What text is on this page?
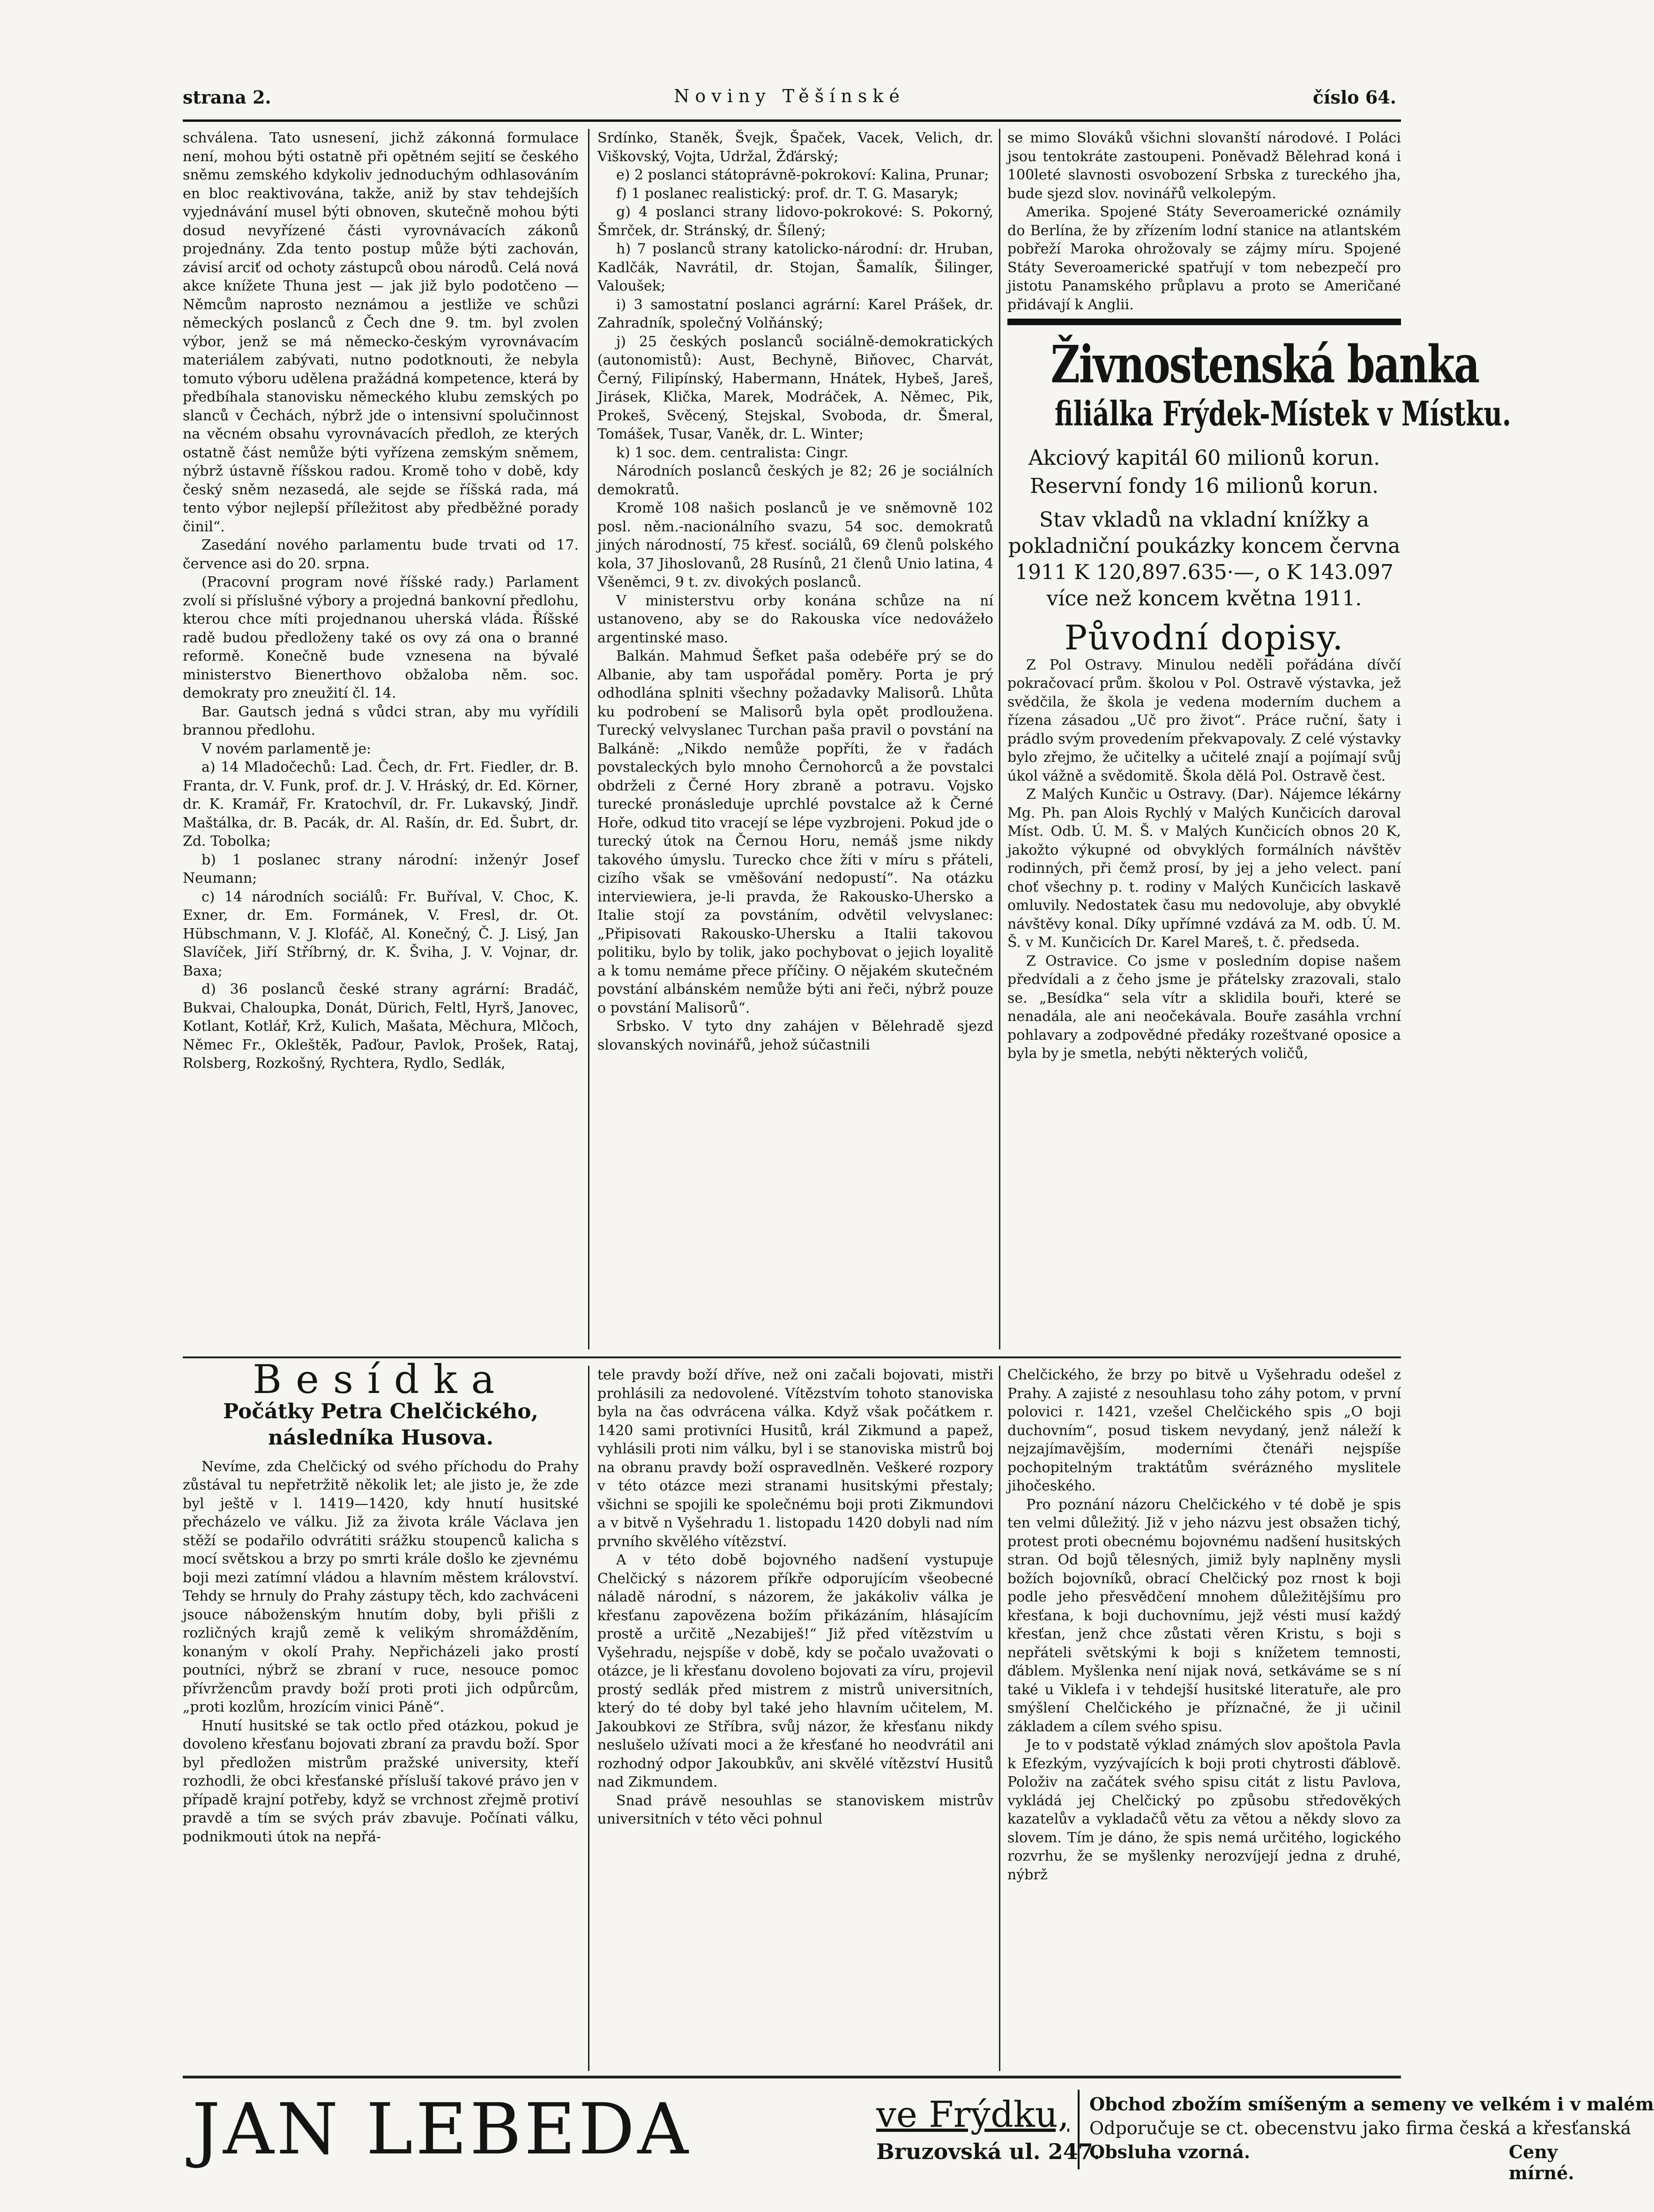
strana 2.	Noviny Těšínské	číslo 64.

schválena. Tato usnesení, jichž zákonná formulace není, mohou býti ostatně při opětném sejití se českého sněmu zemského kdykoliv jednoduchým odhlasováním en bloc reaktivována, takže, aniž by stav tehdejších vyjednávání musel býti obnoven, skutečně mohou býti dosud nevyřízené části vyrovnávacích zákonů projednány. Zda tento postup může býti zachován, závisí arciť od ochoty zástupců obou národů. Celá nová akce knížete Thuna jest — jak již bylo podotčeno — Němcům naprosto neznámou a jestliže ve schůzi německých poslanců z Čech dne 9. tm. byl zvolen výbor, jenž se má německo-českým vyrovnávacím materiálem zabývati, nutno podotknouti, že nebyla tomuto výboru udělena pražádná kompetence, která by předbíhala stanovisku německého klubu zemských po slanců v Čechách, nýbrž jde o intensivní spolučinnost na věcném obsahu vyrovnávacích předloh, ze kterých ostatně část nemůže býti vyřízena zemským sněmem, nýbrž ústavně říšskou radou. Kromě toho v době, kdy český sněm nezasedá, ale sejde se říšská rada, má tento výbor nejlepší příležitost aby předběžné porady činil“.

Zasedání nového parlamentu bude trvati od 17. července asi do 20. srpna.

(Pracovní program nové říšské rady.) Parlament zvolí si příslušné výbory a projedná bankovní předlohu, kterou chce míti projednanou uherská vláda. Říšské radě budou předloženy také os ovy zá ona o branné reformě. Konečně bude vznesena na bývalé ministerstvo Bienerthovo obžaloba něm. soc. demokraty pro zneužití čl. 14.

Bar. Gautsch jedná s vůdci stran, aby mu vyřídili brannou předlohu.

V novém parlamentě je:

a) 14 Mladočechů: Lad. Čech, dr. Frt. Fiedler, dr. B. Franta, dr. V. Funk, prof. dr. J. V. Hráský, dr. Ed. Körner, dr. K. Kramář, Fr. Kratochvíl, dr. Fr. Lukavský, Jindř. Maštálka, dr. B. Pacák, dr. Al. Rašín, dr. Ed. Šubrt, dr. Zd. Tobolka;

b) 1 poslanec strany národní: inženýr Josef Neumann;

c) 14 národních sociálů: Fr. Buříval, V. Choc, K. Exner, dr. Em. Formánek, V. Fresl, dr. Ot. Hübschmann, V. J. Klofáč, Al. Konečný, Č. J. Lisý, Jan Slavíček, Jiří Stříbrný, dr. K. Šviha, J. V. Vojnar, dr. Baxa;

d) 36 poslanců české strany agrární: Bradáč, Bukvai, Chaloupka, Donát, Dürich, Feltl, Hyrš, Janovec, Kotlant, Kotlář, Krž, Kulich, Mašata, Měchura, Mlčoch, Němec Fr., Okleštěk, Paďour, Pavlok, Prošek, Rataj, Rolsberg, Rozkošný, Rychtera, Rydlo, Sedlák,

Srdínko, Staněk, Švejk, Špaček, Vacek, Velich, dr. Viškovský, Vojta, Udržal, Žďárský;

e) 2 poslanci státoprávně-pokrokoví: Kalina, Prunar;

f) 1 poslanec realistický: prof. dr. T. G. Masaryk;

g) 4 poslanci strany lidovo-pokrokové: S. Pokorný, Šmrček, dr. Stránský, dr. Šílený;

h) 7 poslanců strany katolicko-národní: dr. Hruban, Kadlčák, Navrátil, dr. Stojan, Šamalík, Šilinger, Valoušek;

i) 3 samostatní poslanci agrární: Karel Prášek, dr. Zahradník, společný Volňánský;

j) 25 českých poslanců sociálně-demokratických (autonomistů): Aust, Bechyně, Biňovec, Charvát, Černý, Filipínský, Habermann, Hnátek, Hybeš, Jareš, Jirásek, Klička, Marek, Modráček, A. Němec, Pik, Prokeš, Svěcený, Stejskal, Svoboda, dr. Šmeral, Tomášek, Tusar, Vaněk, dr. L. Winter;

k) 1 soc. dem. centralista: Cingr.

Národních poslanců českých je 82; 26 je sociálních demokratů.

Kromě 108 našich poslanců je ve sněmovně 102 posl. něm.-nacionálního svazu, 54 soc. demokratů jiných národností, 75 křesť. sociálů, 69 členů polského kola, 37 Jihoslovanů, 28 Rusínů, 21 členů Unio latina, 4 Všeněmci, 9 t. zv. divokých poslanců.

V ministerstvu orby konána schůze na ní ustanoveno, aby se do Rakouska více nedovážeło argentinské maso.

Balkán. Mahmud Šefket paša odebéře prý se do Albanie, aby tam uspořádal poměry. Porta je prý odhodlána splniti všechny požadavky Malisorů. Lhůta ku podrobení se Malisorů byla opět prodloužena. Turecký velvyslanec Turchan paša pravil o povstání na Balkáně: „Nikdo nemůže popříti, že v řadách povstaleckých bylo mnoho Černohorců a že povstalci obdrželi z Černé Hory zbraně a potravu. Vojsko turecké pronásleduje uprchlé povstalce až k Černé Hoře, odkud tito vracejí se lépe vyzbrojeni. Pokud jde o turecký útok na Černou Horu, nemáš jsme nikdy takového úmyslu. Turecko chce žíti v míru s přáteli, cizího však se vměšování nedopustí“. Na otázku interviewiera, je-li pravda, že Rakousko-Uhersko a Italie stojí za povstáním, odvětil velvyslanec: „Připisovati Rakousko-Uhersku a Italii takovou politiku, bylo by tolik, jako pochybovat o jejich loyalitě a k tomu nemáme přece příčiny. O nějakém skutečném povstání albánském nemůže býti ani řeči, nýbrž pouze o povstání Malisorů“.

Srbsko. V tyto dny zahájen v Bělehradě sjezd slovanských novinářů, jehož súčastnili

se mimo Slováků všichni slovanští národové. I Poláci jsou tentokráte zastoupeni. Poněvadž Bělehrad koná i 100leté slavnosti osvobození Srbska z tureckého jha, bude sjezd slov. novinářů velkolepým.

Amerika. Spojené Státy Severoamerické oznámily do Berlína, že by zřízením lodní stanice na atlantském pobřeží Maroka ohrožovaly se zájmy míru. Spojené Státy Severoamerické spatřují v tom nebezpečí pro jistotu Panamského průplavu a proto se Američané přidávají k Anglii.

Živnostenská banka
filiálka Frýdek-Místek v Místku.
Akciový kapitál 60 milionů korun.
Reservní fondy 16 milionů korun.
Stav vkladů na vkladní knížky a pokladniční poukázky koncem června 1911 K 120,897.635·—, o K 143.097 více než koncem května 1911.
Původní dopisy.

Z Pol Ostravy. Minulou neděli pořádána dívčí pokračovací prům. školou v Pol. Ostravě výstavka, jež svědčila, že škola je vedena moderním duchem a řízena zásadou „Uč pro život“. Práce ruční, šaty i prádlo svým provedením překvapovaly. Z celé výstavky bylo zřejmo, že učitelky a učitelé znají a pojímají svůj úkol vážně a svědomitě. Škola dělá Pol. Ostravě čest.

Z Malých Kunčic u Ostravy. (Dar). Nájemce lékárny Mg. Ph. pan Alois Rychlý v Malých Kunčicích daroval Míst. Odb. Ú. M. Š. v Malých Kunčicích obnos 20 K, jakožto výkupné od obvyklých formálních návštěv rodinných, při čemž prosí, by jej a jeho velect. paní choť všechny p. t. rodiny v Malých Kunčicích laskavě omluvily. Nedostatek času mu nedovoluje, aby obvyklé návštěvy konal. Díky upřímné vzdává za M. odb. Ú. M. Š. v M. Kunčicích Dr. Karel Mareš, t. č. předseda.

Z Ostravice. Co jsme v posledním dopise našem předvídali a z čeho jsme je přátelsky zrazovali, stalo se. „Besídka“ sela vítr a sklidila bouři, které se nenadála, ale ani neočekávala. Bouře zasáhla vrchní pohlavary a zodpovědné předáky rozeštvané oposice a byla by je smetla, nebýti některých voličů,

Besídka
Počátky Petra Chelčického, následníka Husova.

Nevíme, zda Chelčický od svého příchodu do Prahy zůstával tu nepřetržitě několik let; ale jisto je, že zde byl ještě v l. 1419—1420, kdy hnutí husitské přecházelo ve válku. Již za života krále Václava jen stěží se podařilo odvrátiti srážku stoupenců kalicha s mocí světskou a brzy po smrti krále došlo ke zjevnému boji mezi zatímní vládou a hlavním městem království. Tehdy se hrnuly do Prahy zástupy těch, kdo zachváceni jsouce náboženským hnutím doby, byli přišli z rozličných krajů země k velikým shromážděním, konaným v okolí Prahy. Nepřicházeli jako prostí poutníci, nýbrž se zbraní v ruce, nesouce pomoc přívržencům pravdy boží proti proti jich odpůrcům, „proti kozlům, hrozícím vinici Páně“.

Hnutí husitské se tak octlo před otázkou, pokud je dovoleno křesťanu bojovati zbraní za pravdu boží. Spor byl předložen mistrům pražské university, kteří rozhodli, že obci křesťanské přísluší takové právo jen v případě krajní potřeby, když se vrchnost zřejmě protiví pravdě a tím se svých práv zbavuje. Počínati válku, podnikmouti útok na nepřá-

tele pravdy boží dříve, než oni začali bojovati, mistři prohlásili za nedovolené. Vítězstvím tohoto stanoviska byla na čas odvrácena válka. Když však počátkem r. 1420 sami protivníci Husitů, král Zikmund a papež, vyhlásili proti nim válku, byl i se stanoviska mistrů boj na obranu pravdy boží ospravedlněn. Veškeré rozpory v této otázce mezi stranami husitskými přestaly; všichni se spojili ke společnému boji proti Zikmundovi a v bitvě n Vyšehradu 1. listopadu 1420 dobyli nad ním prvního skvělého vítězství.

A v této době bojovného nadšení vystupuje Chelčický s názorem příkře odporujícím všeobecné náladě národní, s názorem, že jakákoliv válka je křesťanu zapovězena božím přikázáním, hlásajícím prostě a určitě „Nezabiješ!“ Již před vítězstvím u Vyšehradu, nejspíše v době, kdy se počalo uvažovati o otázce, je li křesťanu dovoleno bojovati za víru, projevil prostý sedlák před mistrem z mistrů universitních, který do té doby byl také jeho hlavním učitelem, M. Jakoubkovi ze Stříbra, svůj názor, že křesťanu nikdy neslušelo užívati moci a že křesťané ho neodvrátil ani rozhodný odpor Jakoubkův, ani skvělé vítězství Husitů nad Zikmundem.

Snad právě nesouhlas se stanoviskem mistrův universitních v této věci pohnul

Chelčického, že brzy po bitvě u Vyšehradu odešel z Prahy. A zajisté z nesouhlasu toho záhy potom, v první polovici r. 1421, vzešel Chelčického spis „O boji duchovním“, posud tiskem nevydaný, jenž náleží k nejzajímavějším, moderními čtenáři nejspíše pochopitelným traktátům svérázného myslitele jihočeského.

Pro poznání názoru Chelčického v té době je spis ten velmi důležitý. Již v jeho názvu jest obsažen tichý, protest proti obecnému bojovnému nadšení husitských stran. Od bojů tělesných, jimiž byly naplněny mysli božích bojovníků, obrací Chelčický poz rnost k boji podle jeho přesvědčení mnohem důležitějšímu pro křesťana, k boji duchovnímu, jejž vésti musí každý křesťan, jenž chce zůstati věren Kristu, s boji s nepřáteli světskými k boji s knížetem temnosti, ďáblem. Myšlenka není nijak nová, setkáváme se s ní také u Viklefa i v tehdejší husitské literatuře, ale pro smýšlení Chelčického je příznačné, že ji učinil základem a cílem svého spisu.

Je to v podstatě výklad známých slov apoštola Pavla k Efezkým, vyzývajících k boji proti chytrosti ďáblově. Položiv na začátek svého spisu citát z listu Pavlova, vykládá jej Chelčický po způsobu středověkých kazatelův a vykladačů větu za větou a někdy slovo za slovem. Tím je dáno, že spis nemá určitého, logického rozvrhu, že se myšlenky nerozvíjejí jedna z druhé, nýbrž

JAN LEBEDA	ve Frýdku,
Bruzovská ul. 247.
Obchod zbožím smíšeným a semeny ve velkém i v malém
Odporučuje se ct. obecenstvu jako firma česká a křesťanská
Obsluha vzorná.	Ceny mírné.
